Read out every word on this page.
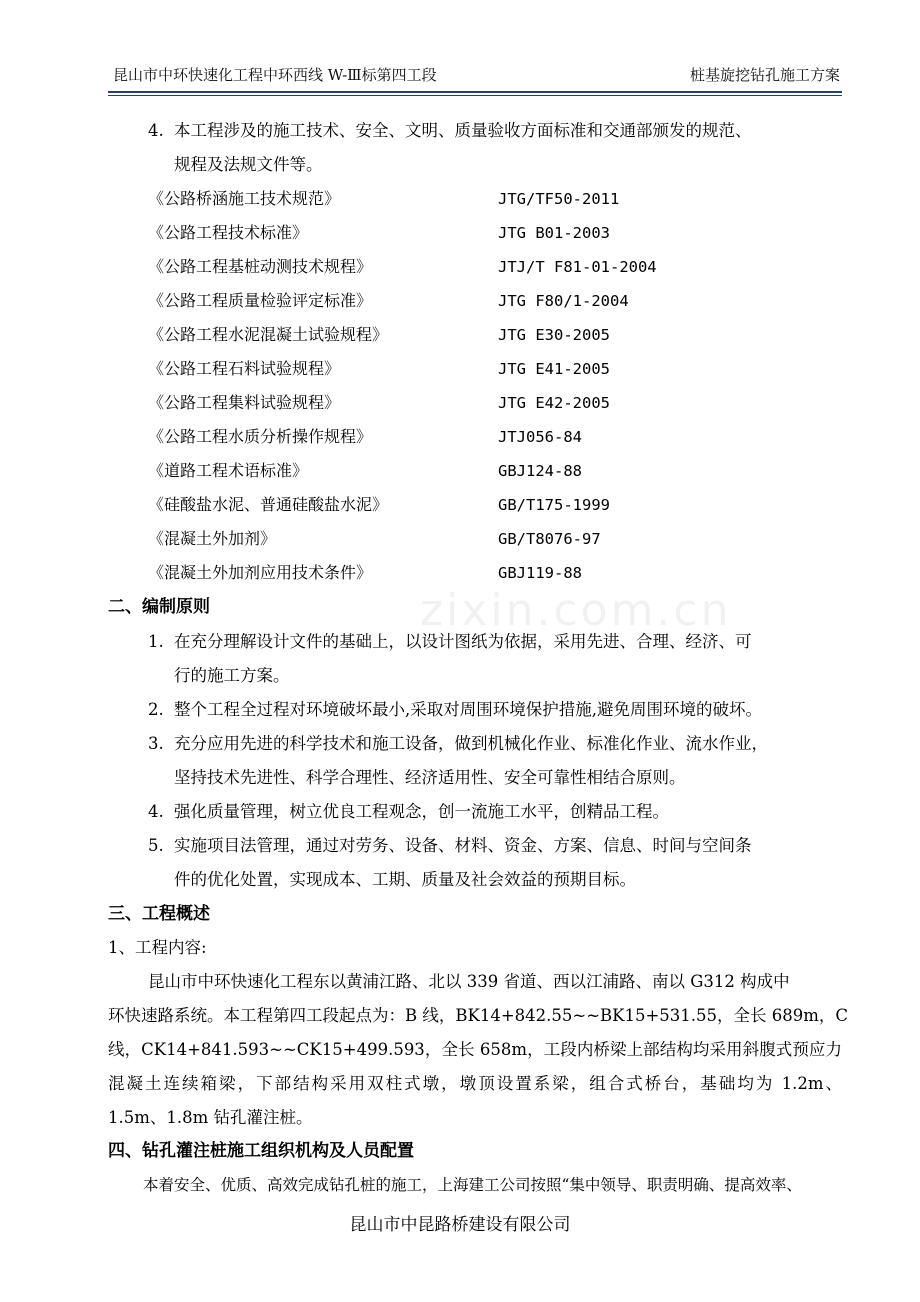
昆山市中环快速化工程中环西线 W-Ⅲ标第四工段	桩基旋挖钻孔施工方案
4. 本工程涉及的施工技术、安全、文明、质量验收方面标准和交通部颁发的规范、
规程及法规文件等。
《公路桥涵施工技术规范》	JTG/TF50-2011
《公路工程技术标准》	JTG B01-2003
《公路工程基桩动测技术规程》	JTJ/T F81-01-2004
《公路工程质量检验评定标准》	JTG F80/1-2004
《公路工程水泥混凝土试验规程》	JTG E30-2005
《公路工程石料试验规程》	JTG E41-2005
《公路工程集料试验规程》	JTG E42-2005
《公路工程水质分析操作规程》	JTJ056-84
《道路工程术语标准》	GBJ124-88
《硅酸盐水泥、普通硅酸盐水泥》	GB/T175-1999
《混凝土外加剂》	GB/T8076-97
《混凝土外加剂应用技术条件》	GBJ119-88
zixin.com.cn
二、编制原则
1. 在充分理解设计文件的基础上，以设计图纸为依据，采用先进、合理、经济、可
行的施工方案。
2. 整个工程全过程对环境破坏最小,采取对周围环境保护措施,避免周围环境的破坏。
3. 充分应用先进的科学技术和施工设备，做到机械化作业、标准化作业、流水作业，
坚持技术先进性、科学合理性、经济适用性、安全可靠性相结合原则。
4. 强化质量管理，树立优良工程观念，创一流施工水平，创精品工程。
5. 实施项目法管理，通过对劳务、设备、材料、资金、方案、信息、时间与空间条
件的优化处置，实现成本、工期、质量及社会效益的预期目标。
三、工程概述
1、工程内容:
昆山市中环快速化工程东以黄浦江路、北以 339 省道、西以江浦路、南以 G312 构成中
环快速路系统。本工程第四工段起点为：B 线，BK14+842.55~~BK15+531.55，全长 689m，C
线，CK14+841.593~~CK15+499.593，全长 658m，工段内桥梁上部结构均采用斜腹式预应力
混凝土连续箱梁，下部结构采用双柱式墩，墩顶设置系梁，组合式桥台，基础均为 1.2m、
1.5m、1.8m 钻孔灌注桩。
四、钻孔灌注桩施工组织机构及人员配置
本着安全、优质、高效完成钻孔桩的施工，上海建工公司按照“集中领导、职责明确、提高效率、
昆山市中昆路桥建设有限公司
